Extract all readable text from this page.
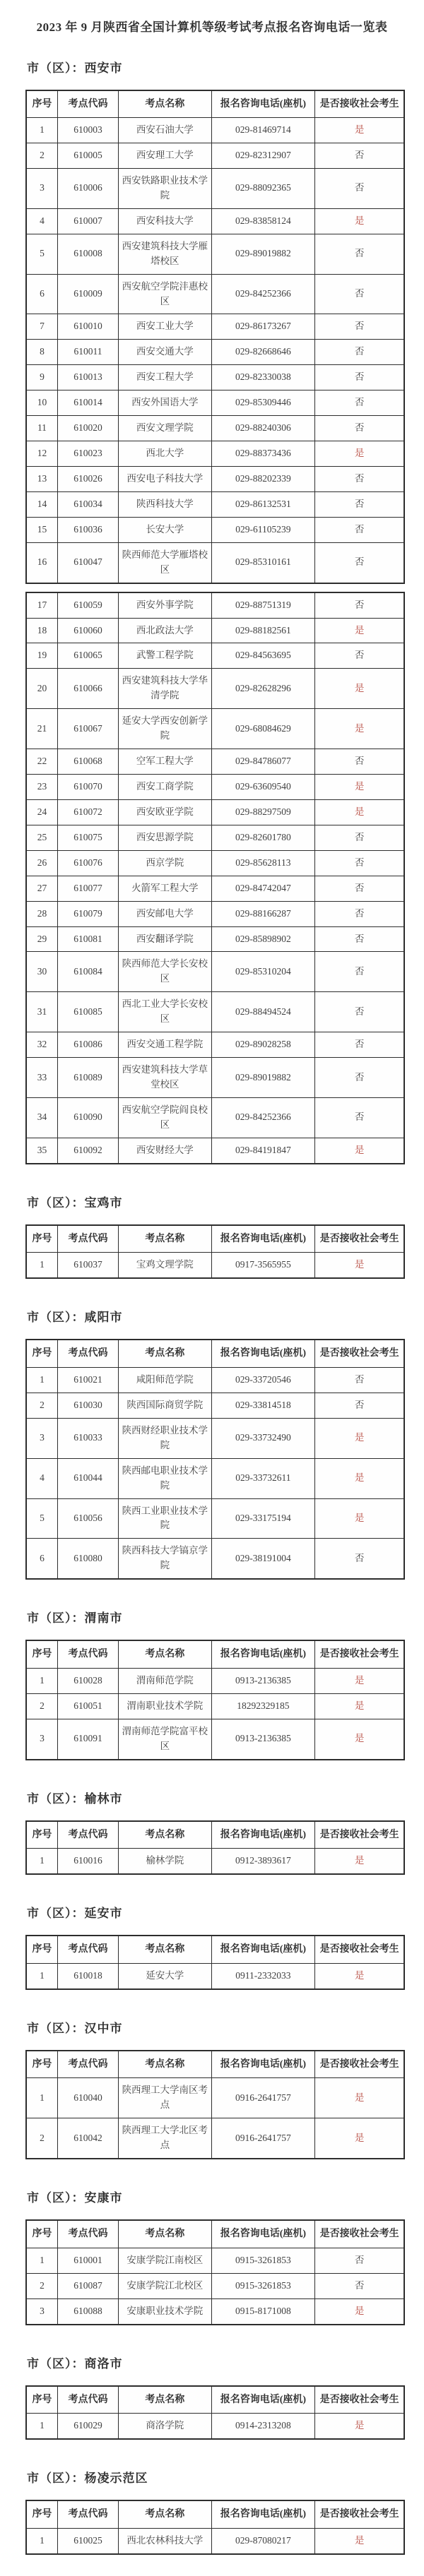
2023 年 9 月陕西省全国计算机等级考试考点报名咨询电话一览表
市（区）：西安市
序号	考点代码	考点名称	报名咨询电话(座机)	是否接收社会考生
1	610003	西安石油大学	029-81469714	是
2	610005	西安理工大学	029-82312907	否
3	610006	西安铁路职业技术学院	029-88092365	否
4	610007	西安科技大学	029-83858124	是
5	610008	西安建筑科技大学雁塔校区	029-89019882	否
6	610009	西安航空学院沣惠校区	029-84252366	否
7	610010	西安工业大学	029-86173267	否
8	610011	西安交通大学	029-82668646	否
9	610013	西安工程大学	029-82330038	否
10	610014	西安外国语大学	029-85309446	否
11	610020	西安文理学院	029-88240306	否
12	610023	西北大学	029-88373436	是
13	610026	西安电子科技大学	029-88202339	否
14	610034	陕西科技大学	029-86132531	否
15	610036	长安大学	029-61105239	否
16	610047	陕西师范大学雁塔校区	029-85310161	否
17	610059	西安外事学院	029-88751319	否
18	610060	西北政法大学	029-88182561	是
19	610065	武警工程学院	029-84563695	否
20	610066	西安建筑科技大学华清学院	029-82628296	是
21	610067	延安大学西安创新学院	029-68084629	是
22	610068	空军工程大学	029-84786077	否
23	610070	西安工商学院	029-63609540	是
24	610072	西安欧亚学院	029-88297509	是
25	610075	西安思源学院	029-82601780	否
26	610076	西京学院	029-85628113	否
27	610077	火箭军工程大学	029-84742047	否
28	610079	西安邮电大学	029-88166287	否
29	610081	西安翻译学院	029-85898902	否
30	610084	陕西师范大学长安校区	029-85310204	否
31	610085	西北工业大学长安校区	029-88494524	否
32	610086	西安交通工程学院	029-89028258	否
33	610089	西安建筑科技大学草堂校区	029-89019882	否
34	610090	西安航空学院阎良校区	029-84252366	否
35	610092	西安财经大学	029-84191847	是
市（区）：宝鸡市
序号	考点代码	考点名称	报名咨询电话(座机)	是否接收社会考生
1	610037	宝鸡文理学院	0917-3565955	是
市（区）：咸阳市
序号	考点代码	考点名称	报名咨询电话(座机)	是否接收社会考生
1	610021	咸阳师范学院	029-33720546	否
2	610030	陕西国际商贸学院	029-33814518	否
3	610033	陕西财经职业技术学院	029-33732490	是
4	610044	陕西邮电职业技术学院	029-33732611	是
5	610056	陕西工业职业技术学院	029-33175194	是
6	610080	陕西科技大学镐京学院	029-38191004	否
市（区）：渭南市
序号	考点代码	考点名称	报名咨询电话(座机)	是否接收社会考生
1	610028	渭南师范学院	0913-2136385	是
2	610051	渭南职业技术学院	18292329185	是
3	610091	渭南师范学院富平校区	0913-2136385	是
市（区）：榆林市
序号	考点代码	考点名称	报名咨询电话(座机)	是否接收社会考生
1	610016	榆林学院	0912-3893617	是
市（区）：延安市
序号	考点代码	考点名称	报名咨询电话(座机)	是否接收社会考生
1	610018	延安大学	0911-2332033	是
市（区）：汉中市
序号	考点代码	考点名称	报名咨询电话(座机)	是否接收社会考生
1	610040	陕西理工大学南区考点	0916-2641757	是
2	610042	陕西理工大学北区考点	0916-2641757	是
市（区）：安康市
序号	考点代码	考点名称	报名咨询电话(座机)	是否接收社会考生
1	610001	安康学院江南校区	0915-3261853	否
2	610087	安康学院江北校区	0915-3261853	否
3	610088	安康职业技术学院	0915-8171008	是
市（区）：商洛市
序号	考点代码	考点名称	报名咨询电话(座机)	是否接收社会考生
1	610029	商洛学院	0914-2313208	是
市（区）：杨凌示范区
序号	考点代码	考点名称	报名咨询电话(座机)	是否接收社会考生
1	610025	西北农林科技大学	029-87080217	是
